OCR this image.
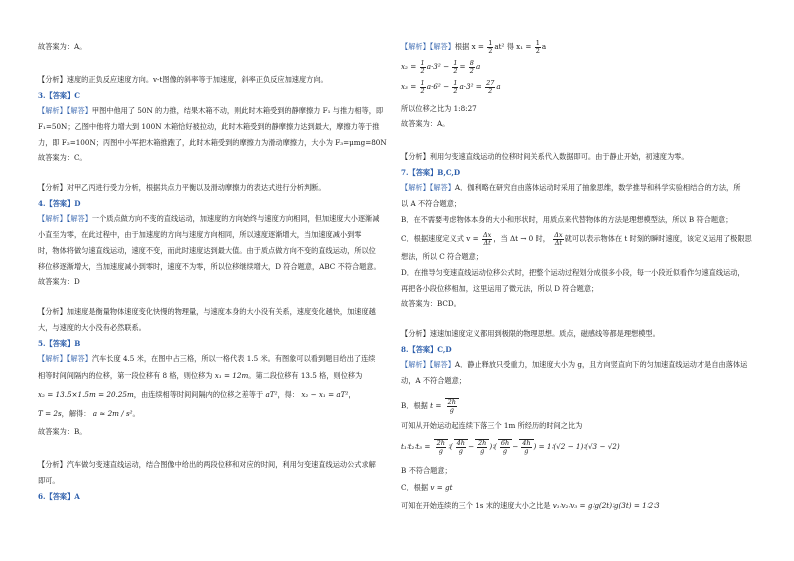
故答案为：A。
【分析】速度的正负反应速度方向。v-t图像的斜率等于加速度，斜率正负反应加速度方向。
3.【答案】C
【解析】【解答】甲图中他用了 50N 的力推，结果木箱不动，则此时木箱受到的静摩擦力 F₁ 与推力相等，即
F₁=50N；乙图中他将力增大到 100N 木箱恰好被拉动，此时木箱受到的静摩擦力达到最大，摩擦力等于推
力，即 F₂=100N；丙图中小军把木箱推跑了，此时木箱受到的摩擦力为滑动摩擦力，大小为 F₃=μmg=80N
故答案为：C。
【分析】对甲乙丙进行受力分析，根据共点力平衡以及滑动摩擦力的表达式进行分析判断。
4.【答案】D
【解析】【解答】一个质点做方向不变的直线运动，加速度的方向始终与速度方向相同，但加速度大小逐渐减
小直至为零，在此过程中，由于加速度的方向与速度方向相同，所以速度逐渐增大，当加速度减小到零
时，物体将做匀速直线运动，速度不变，而此时速度达到最大值。由于质点做方向不变的直线运动，所以位
移位移逐渐增大，当加速度减小到零时，速度不为零，所以位移继续增大，D 符合题意，ABC 不符合题意。
故答案为：D
【分析】加速度是衡量物体速度变化快慢的物理量，与速度本身的大小没有关系，速度变化越快，加速度越
大，与速度的大小没有必然联系。
5.【答案】B
【解析】【解答】汽车长度 4.5 米，在图中占三格，所以一格代表 1.5 米。有图象可以看到题目给出了连续
相等时间间隔内的位移，第一段位移有 8 格，则位移为 x₁ = 12m。第二段位移有 13.5 格，则位移为
x₂ = 13.5×1.5m = 20.25m，由连续相等时间间隔内的位移之差等于 aT²，得： x₂ − x₁ = aT²，
T = 2s，解得： a ≈ 2m / s²。
故答案为：B。
【分析】汽车做匀变速直线运动，结合图像中给出的两段位移和对应的时间，利用匀变速直线运动公式求解
即可。
6.【答案】A
【解析】【解答】根据 $x = \frac{1}{2} at^2$ 得 $x_1 = \frac{1}{2}$ a
$x_2 = \frac{1}{2} a\cdot 3^2 - \frac{1}{2} = \frac{8}{2}$ a
$x_3 = \frac{1}{2} a\cdot 6^2 - \frac{1}{2} a\cdot 3^2 = \frac{27}{2}$ a
所以位移之比为 1:8:27
故答案为：A。
【分析】利用匀变速直线运动的位移时间关系代入数据即可。由于静止开始，初速度为零。
7.【答案】B,C,D
【解析】【解答】A．伽利略在研究自由落体运动时采用了抽象思维，数学推导和科学实验相结合的方法，所
以 A 不符合题意；
B．在不需要考虑物体本身的大小和形状时，用质点来代替物体的方法是理想模型法，所以 B 符合题意；
C．根据速度定义式 $v = \frac{\Delta x}{\Delta t}$ ，当 Δt → 0 时， $\frac{\Delta x}{\Delta t}$ 就可以表示物体在 t 时刻的瞬时速度，该定义运用了极限思
想法，所以 C 符合题意；
D．在推导匀变速直线运动位移公式时，把整个运动过程划分成很多小段，每一小段近似看作匀速直线运动，
再把各小段位移相加，这里运用了微元法，所以 D 符合题意；
故答案为：BCD。
【分析】速速加速度定义都用到极限的物理思想。质点，磁感线等都是理想模型。
8.【答案】C,D
【解析】【解答】A．静止释放只受重力，加速度大小为 g，且方向竖直向下的匀加速直线运动才是自由落体运
动，A 不符合题意；
B．根据 $t = \frac{2h}{g}$
可知从开始运动起连续下落三个 1m 所经历的时间之比为
t₁∶t₂∶t₃ = $\frac{2h}{g}$ ∶( $\frac{4h}{g} - \frac{2h}{g}$ )∶( $\frac{6h}{g} - \frac{4h}{g}$ ) = 1∶(√2 − 1)∶(√3 − √2)
B 不符合题意；
C．根据 v = gt
可知在开始连续的三个 1s 末的速度大小之比是 v₁∶v₂∶v₃ = g∶g(2t)∶g(3t) = 1∶2∶3
